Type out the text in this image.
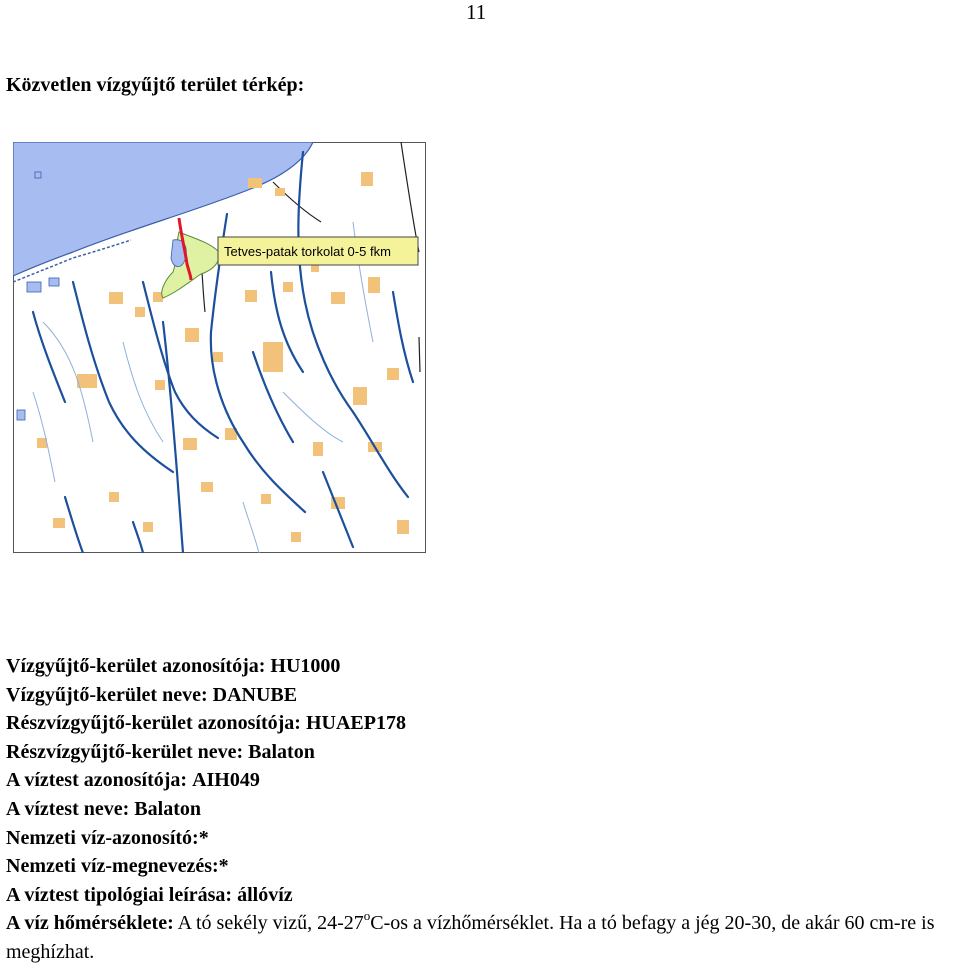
11
Közvetlen vízgyűjtő terület térkép:
Tetves-patak torkolat 0-5 fkm
Vízgyűjtő-kerület azonosítója: HU1000
Vízgyűjtő-kerület neve: DANUBE
Részvízgyűjtő-kerület azonosítója: HUAEP178
Részvízgyűjtő-kerület neve: Balaton
A víztest azonosítója: AIH049
A víztest neve: Balaton
Nemzeti víz-azonosító:*
Nemzeti víz-megnevezés:*
A víztest tipológiai leírása: állóvíz
A víz hőmérséklete: A tó sekély vizű, 24-27$^o$C-os a vízhőmérséklet. Ha a tó befagy a jég 20-30, de akár 60 cm-re is meghízhat.
